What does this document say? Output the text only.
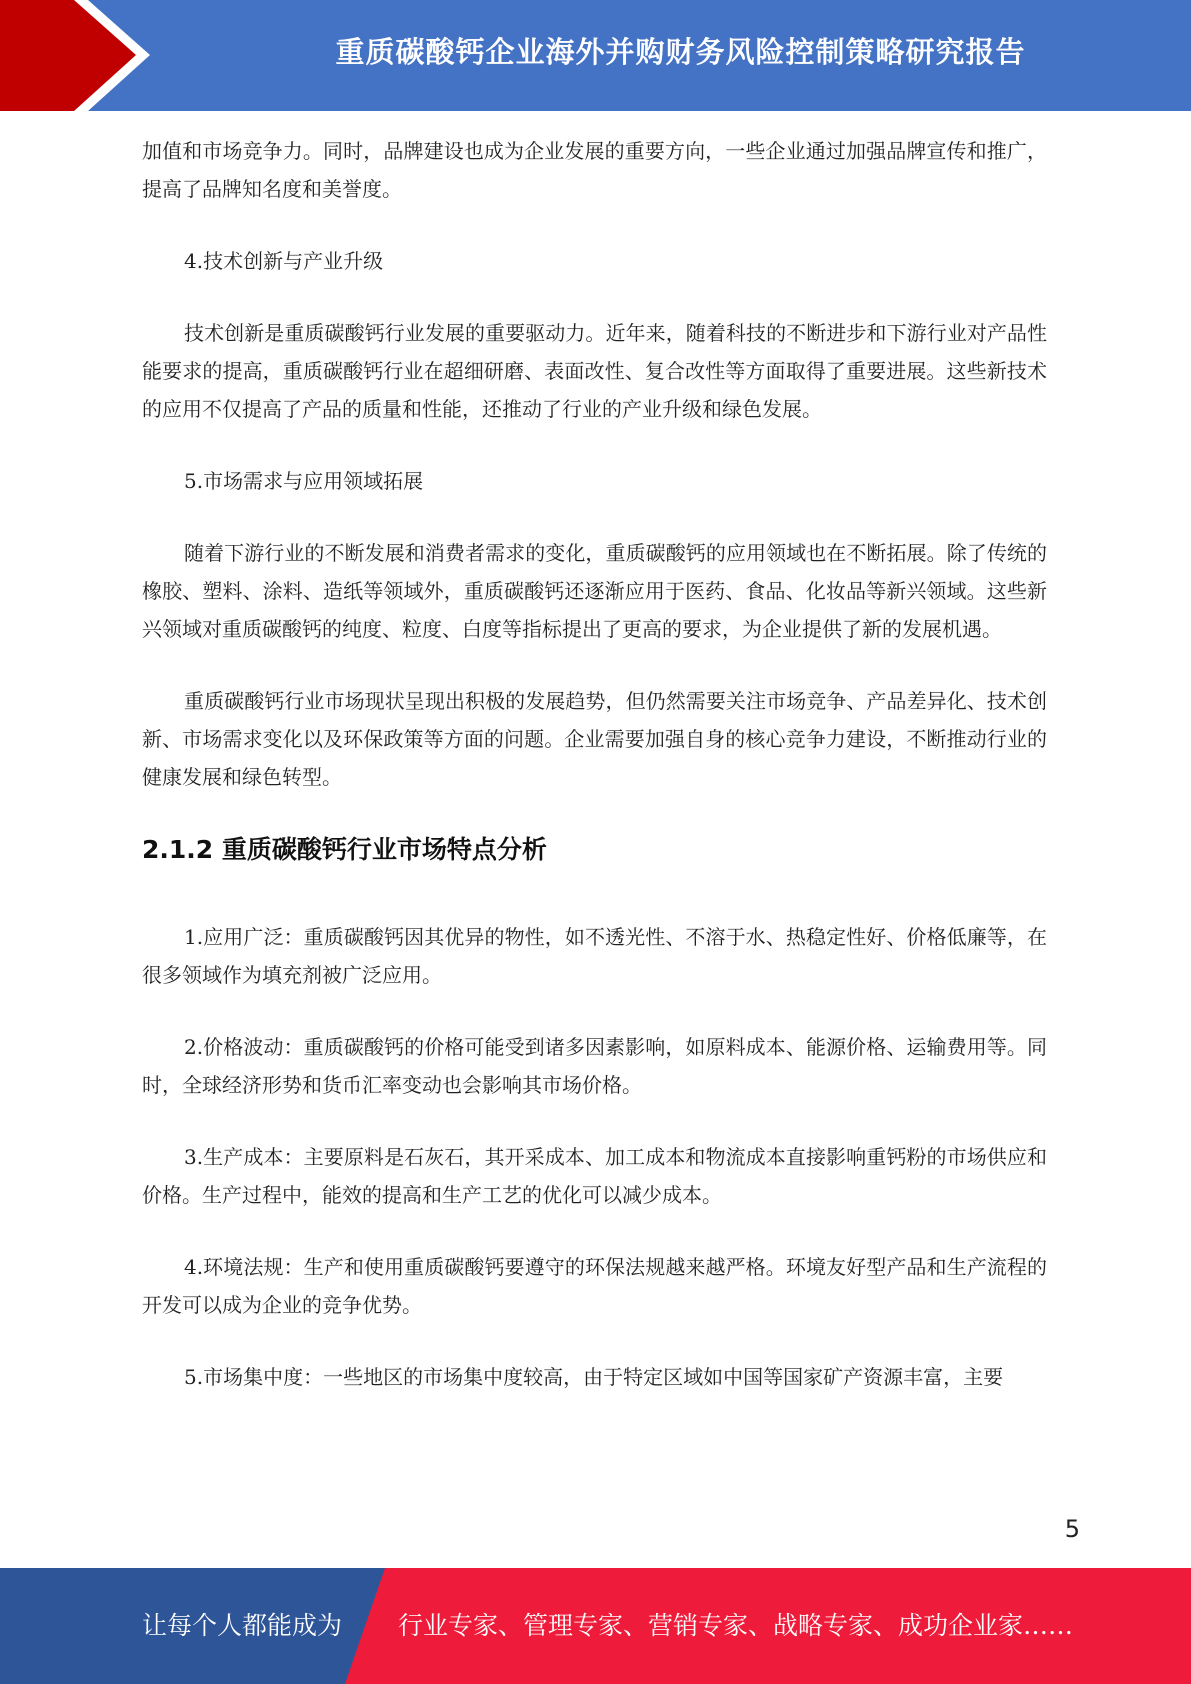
重质碳酸钙企业海外并购财务风险控制策略研究报告

加值和市场竞争力。同时，品牌建设也成为企业发展的重要方向，一些企业通过加强品牌宣传和推广，提高了品牌知名度和美誉度。

4.技术创新与产业升级

技术创新是重质碳酸钙行业发展的重要驱动力。近年来，随着科技的不断进步和下游行业对产品性能要求的提高，重质碳酸钙行业在超细研磨、表面改性、复合改性等方面取得了重要进展。这些新技术的应用不仅提高了产品的质量和性能，还推动了行业的产业升级和绿色发展。

5.市场需求与应用领域拓展

随着下游行业的不断发展和消费者需求的变化，重质碳酸钙的应用领域也在不断拓展。除了传统的橡胶、塑料、涂料、造纸等领域外，重质碳酸钙还逐渐应用于医药、食品、化妆品等新兴领域。这些新兴领域对重质碳酸钙的纯度、粒度、白度等指标提出了更高的要求，为企业提供了新的发展机遇。

重质碳酸钙行业市场现状呈现出积极的发展趋势，但仍然需要关注市场竞争、产品差异化、技术创新、市场需求变化以及环保政策等方面的问题。企业需要加强自身的核心竞争力建设，不断推动行业的健康发展和绿色转型。

2.1.2 重质碳酸钙行业市场特点分析

1.应用广泛：重质碳酸钙因其优异的物性，如不透光性、不溶于水、热稳定性好、价格低廉等，在很多领域作为填充剂被广泛应用。

2.价格波动：重质碳酸钙的价格可能受到诸多因素影响，如原料成本、能源价格、运输费用等。同时，全球经济形势和货币汇率变动也会影响其市场价格。

3.生产成本：主要原料是石灰石，其开采成本、加工成本和物流成本直接影响重钙粉的市场供应和价格。生产过程中，能效的提高和生产工艺的优化可以减少成本。

4.环境法规：生产和使用重质碳酸钙要遵守的环保法规越来越严格。环境友好型产品和生产流程的开发可以成为企业的竞争优势。

5.市场集中度：一些地区的市场集中度较高，由于特定区域如中国等国家矿产资源丰富，主要

5
让每个人都能成为 行业专家、管理专家、营销专家、战略专家、成功企业家……
